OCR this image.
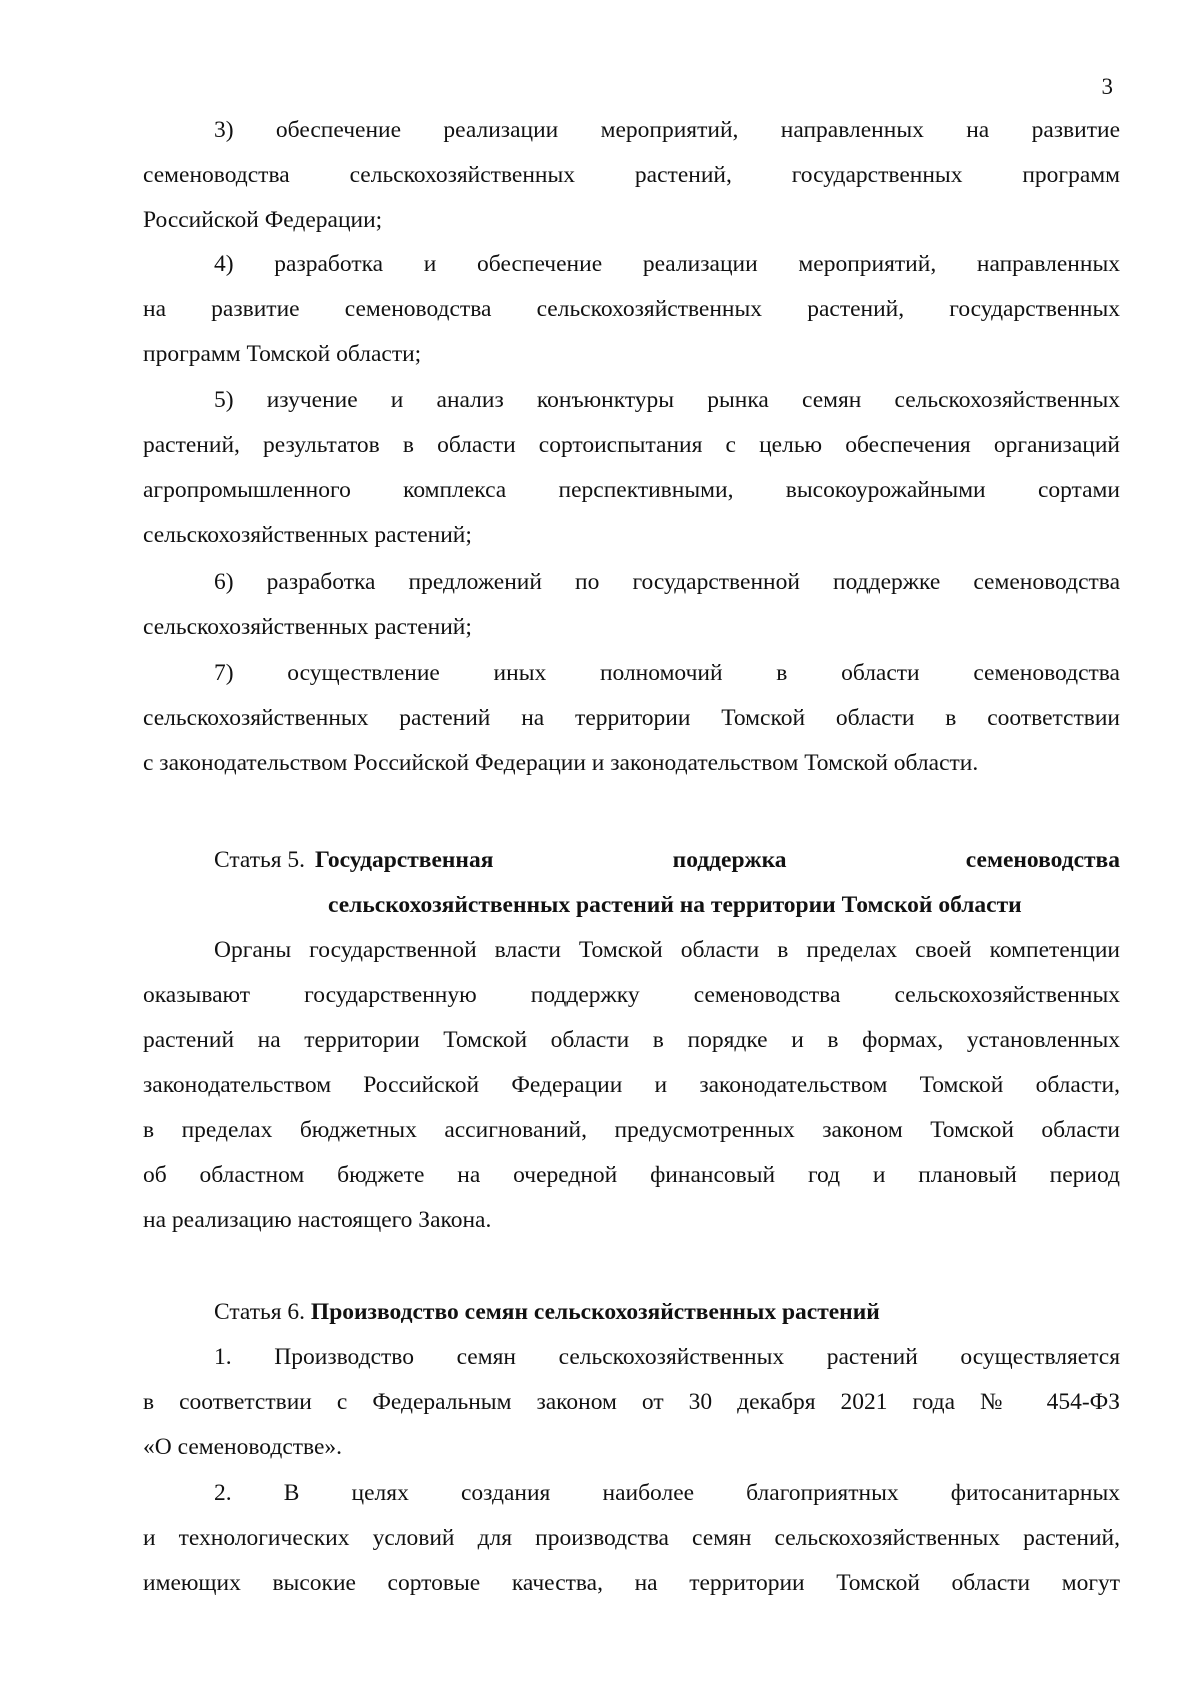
3
3) обеспечение реализации мероприятий, направленных на развитие
семеноводства сельскохозяйственных растений, государственных программ
Российской Федерации;
4) разработка и обеспечение реализации мероприятий, направленных
на развитие семеноводства сельскохозяйственных растений, государственных
программ Томской области;
5) изучение и анализ конъюнктуры рынка семян сельскохозяйственных
растений, результатов в области сортоиспытания с целью обеспечения организаций
агропромышленного комплекса перспективными, высокоурожайными сортами
сельскохозяйственных растений;
6) разработка предложений по государственной поддержке семеноводства
сельскохозяйственных растений;
7) осуществление иных полномочий в области семеноводства
сельскохозяйственных растений на территории Томской области в соответствии
с законодательством Российской Федерации и законодательством Томской области.
Статья 5. Государственная	поддержка	семеноводства
сельскохозяйственных растений на территории Томской области
Органы государственной власти Томской области в пределах своей компетенции
оказывают государственную поддержку семеноводства сельскохозяйственных
растений на территории Томской области в порядке и в формах, установленных
законодательством Российской Федерации и законодательством Томской области,
в пределах бюджетных ассигнований, предусмотренных законом Томской области
об областном бюджете на очередной финансовый год и плановый период
на реализацию настоящего Закона.
Статья 6. Производство семян сельскохозяйственных растений
1. Производство семян сельскохозяйственных растений осуществляется
в соответствии с Федеральным законом от 30 декабря 2021 года № 454-ФЗ
«О семеноводстве».
2. В целях создания наиболее благоприятных фитосанитарных
и технологических условий для производства семян сельскохозяйственных растений,
имеющих высокие сортовые качества, на территории Томской области могут
